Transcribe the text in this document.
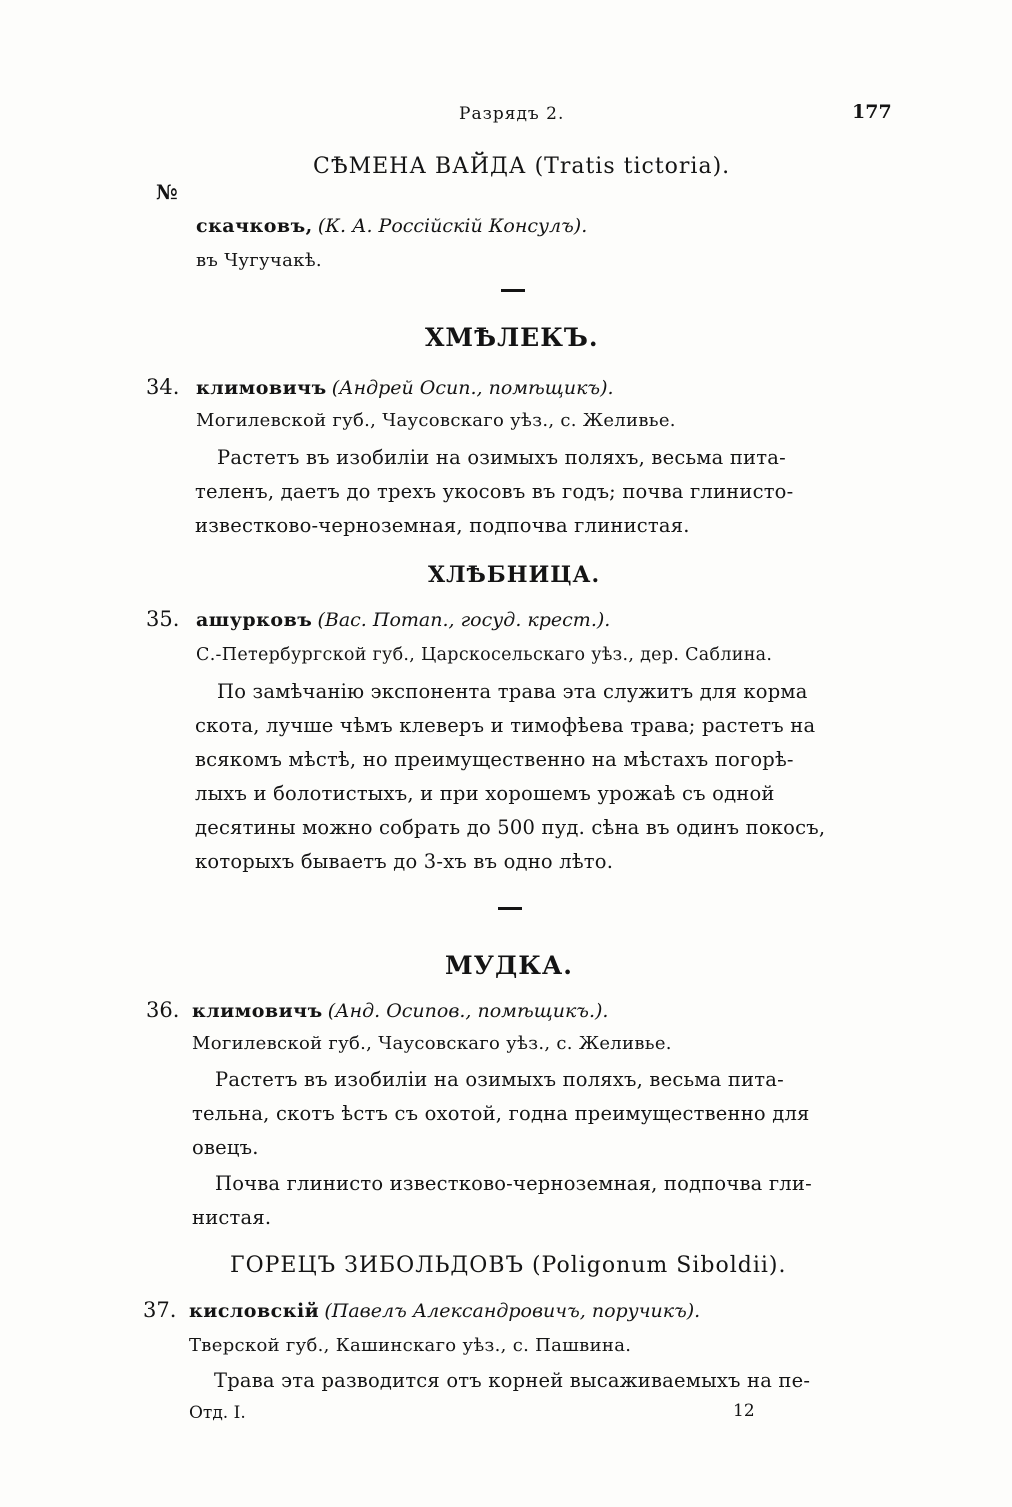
Разрядъ 2.	177
СѢМЕНА ВАЙДА (Tratis tictoria).
№
скачковъ, (К. А. Россійскій Консулъ).
въ Чугучакѣ.
ХМѢЛЕКЪ.
34. климовичъ (Андрей Осип., помѣщикъ).
Могилевской губ., Чаусовскаго уѣз., с. Желивье.
Растетъ въ изобиліи на озимыхъ поляхъ, весьма пита-
теленъ, даетъ до трехъ укосовъ въ годъ; почва глинисто-
известково-черноземная, подпочва глинистая.
ХЛѢБНИЦА.
35. ашурковъ (Вас. Потап., госуд. крест.).
С.-Петербургской губ., Царскосельскаго уѣз., дер. Саблина.
По замѣчанію экспонента трава эта служитъ для корма
скота, лучше чѣмъ клеверъ и тимофѣева трава; растетъ на
всякомъ мѣстѣ, но преимущественно на мѣстахъ погорѣ-
лыхъ и болотистыхъ, и при хорошемъ урожаѣ съ одной
десятины можно собрать до 500 пуд. сѣна въ одинъ покосъ,
которыхъ бываетъ до 3-хъ въ одно лѣто.
МУДКА.
36. климовичъ (Анд. Осипов., помѣщикъ.).
Могилевской губ., Чаусовскаго уѣз., с. Желивье.
Растетъ въ изобиліи на озимыхъ поляхъ, весьма пита-
тельна, скотъ ѣстъ съ охотой, годна преимущественно для
овецъ.
Почва глинисто известково-черноземная, подпочва гли-
нистая.
ГОРЕЦЪ ЗИБОЛЬДОВЪ (Poligonum Siboldii).
37. кисловскій (Павелъ Александровичъ, поручикъ).
Тверской губ., Кашинскаго уѣз., с. Пашвина.
Трава эта разводится отъ корней высаживаемыхъ на пе-
Отд. I.	12
